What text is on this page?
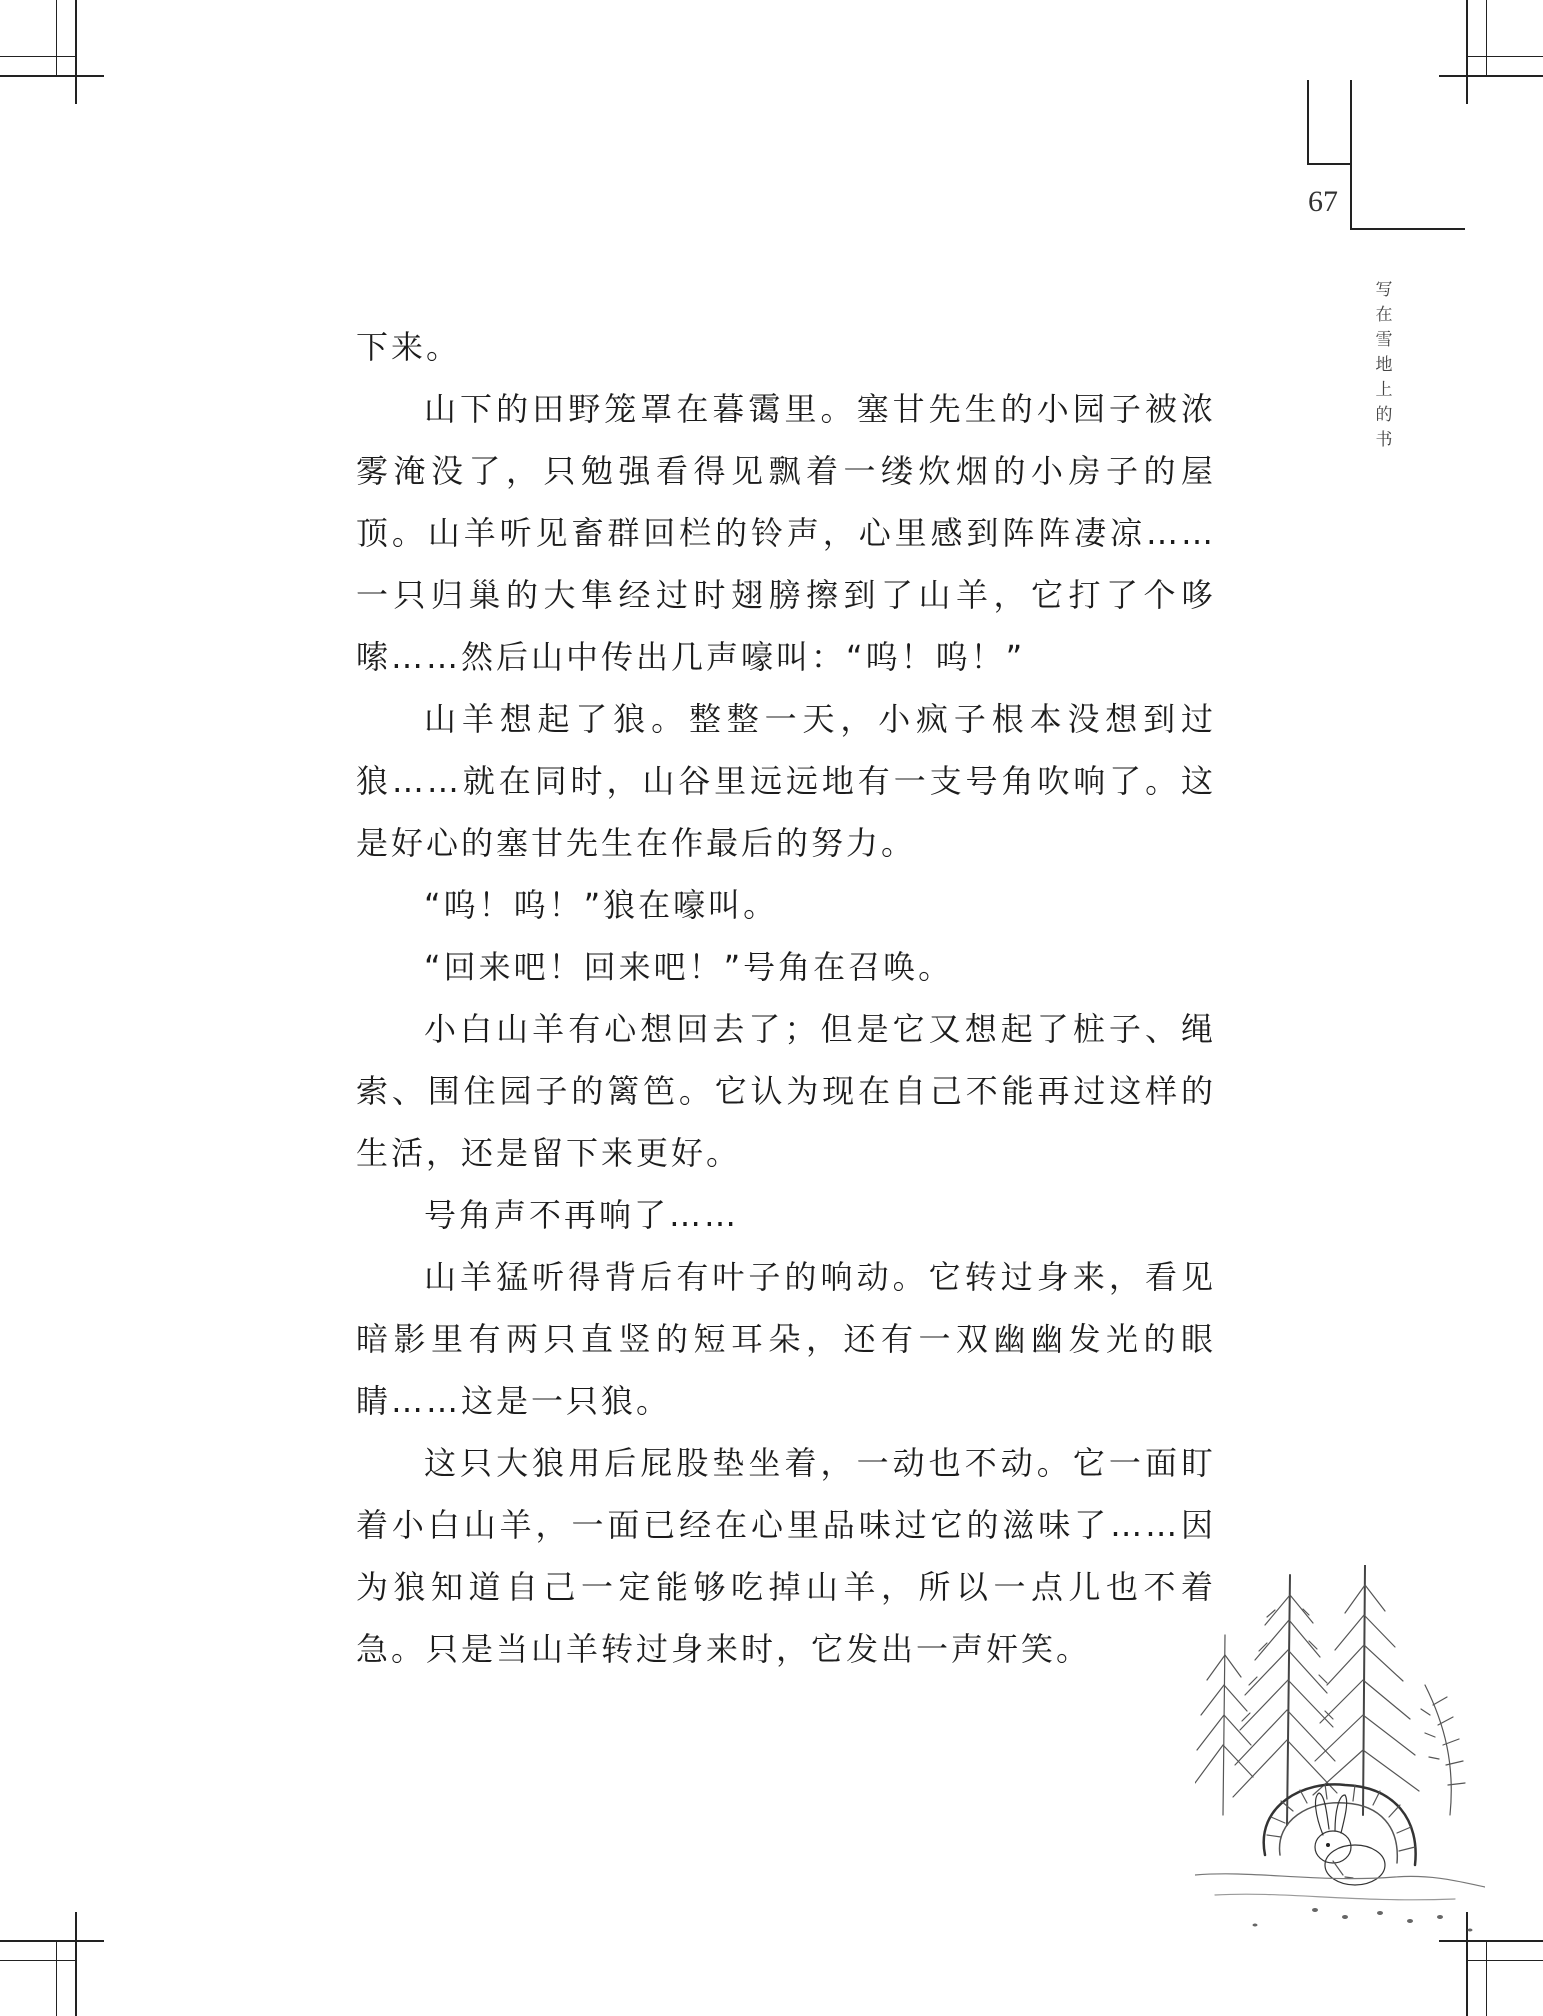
67
写在雪地上的书

下来。

山下的田野笼罩在暮霭里。塞甘先生的小园子被浓雾淹没了，只勉强看得见飘着一缕炊烟的小房子的屋顶。山羊听见畜群回栏的铃声，心里感到阵阵凄凉……一只归巢的大隼经过时翅膀擦到了山羊，它打了个哆嗦……然后山中传出几声嚎叫：“呜！呜！”

山羊想起了狼。整整一天，小疯子根本没想到过狼……就在同时，山谷里远远地有一支号角吹响了。这是好心的塞甘先生在作最后的努力。

“呜！呜！”狼在嚎叫。

“回来吧！回来吧！”号角在召唤。

小白山羊有心想回去了；但是它又想起了桩子、绳索、围住园子的篱笆。它认为现在自己不能再过这样的生活，还是留下来更好。

号角声不再响了……

山羊猛听得背后有叶子的响动。它转过身来，看见暗影里有两只直竖的短耳朵，还有一双幽幽发光的眼睛……这是一只狼。

这只大狼用后屁股垫坐着，一动也不动。它一面盯着小白山羊，一面已经在心里品味过它的滋味了……因为狼知道自己一定能够吃掉山羊，所以一点儿也不着急。只是当山羊转过身来时，它发出一声奸笑。
